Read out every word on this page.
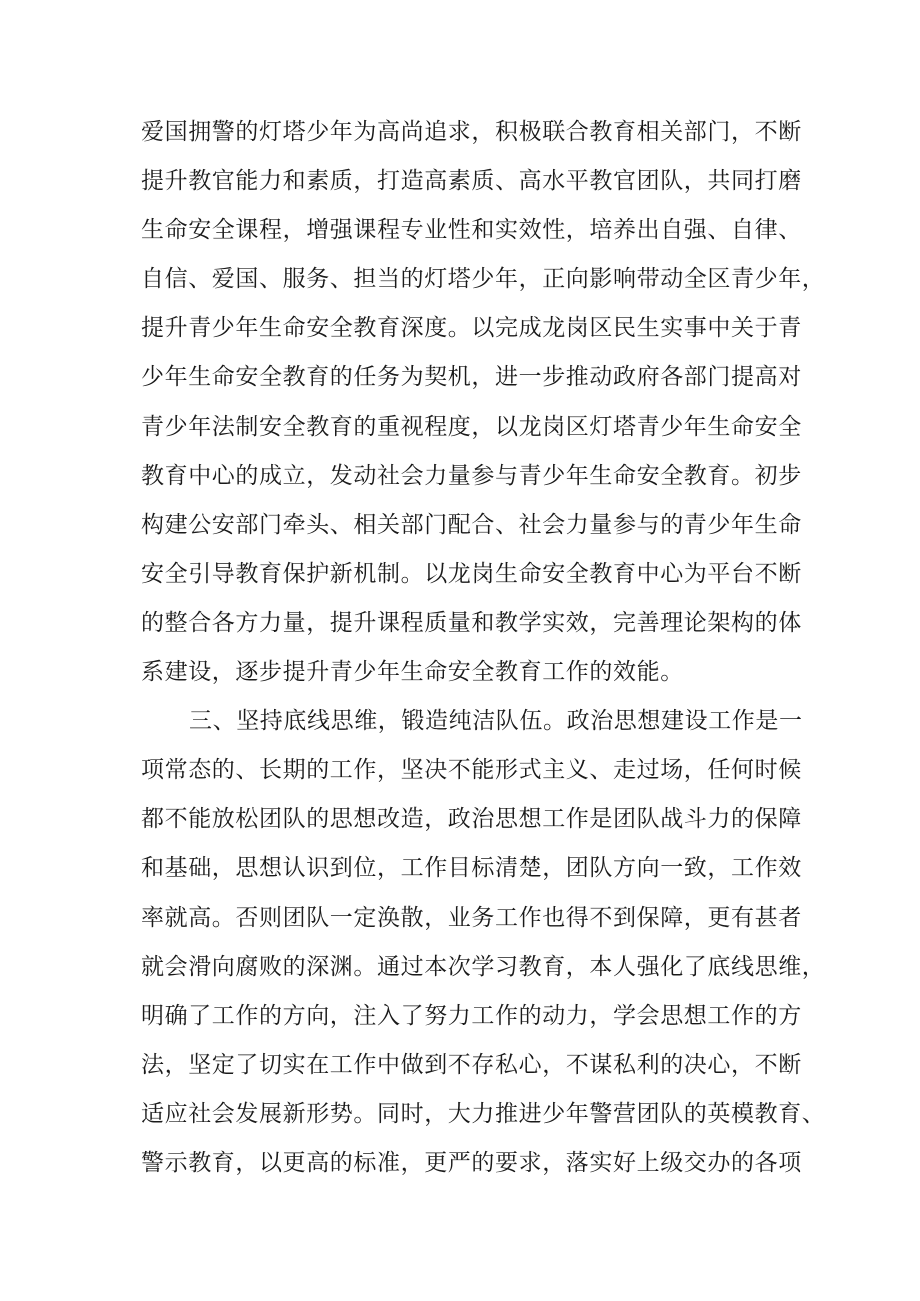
爱国拥警的灯塔少年为高尚追求，积极联合教育相关部门，不断
提升教官能力和素质，打造高素质、高水平教官团队，共同打磨
生命安全课程，增强课程专业性和实效性，培养出自强、自律、
自信、爱国、服务、担当的灯塔少年，正向影响带动全区青少年，
提升青少年生命安全教育深度。以完成龙岗区民生实事中关于青
少年生命安全教育的任务为契机，进一步推动政府各部门提高对
青少年法制安全教育的重视程度，以龙岗区灯塔青少年生命安全
教育中心的成立，发动社会力量参与青少年生命安全教育。初步
构建公安部门牵头、相关部门配合、社会力量参与的青少年生命
安全引导教育保护新机制。以龙岗生命安全教育中心为平台不断
的整合各方力量，提升课程质量和教学实效，完善理论架构的体
系建设，逐步提升青少年生命安全教育工作的效能。
三、坚持底线思维，锻造纯洁队伍。政治思想建设工作是一
项常态的、长期的工作，坚决不能形式主义、走过场，任何时候
都不能放松团队的思想改造，政治思想工作是团队战斗力的保障
和基础，思想认识到位，工作目标清楚，团队方向一致，工作效
率就高。否则团队一定涣散，业务工作也得不到保障，更有甚者
就会滑向腐败的深渊。通过本次学习教育，本人强化了底线思维，
明确了工作的方向，注入了努力工作的动力，学会思想工作的方
法，坚定了切实在工作中做到不存私心，不谋私利的决心，不断
适应社会发展新形势。同时，大力推进少年警营团队的英模教育、
警示教育，以更高的标准，更严的要求，落实好上级交办的各项
